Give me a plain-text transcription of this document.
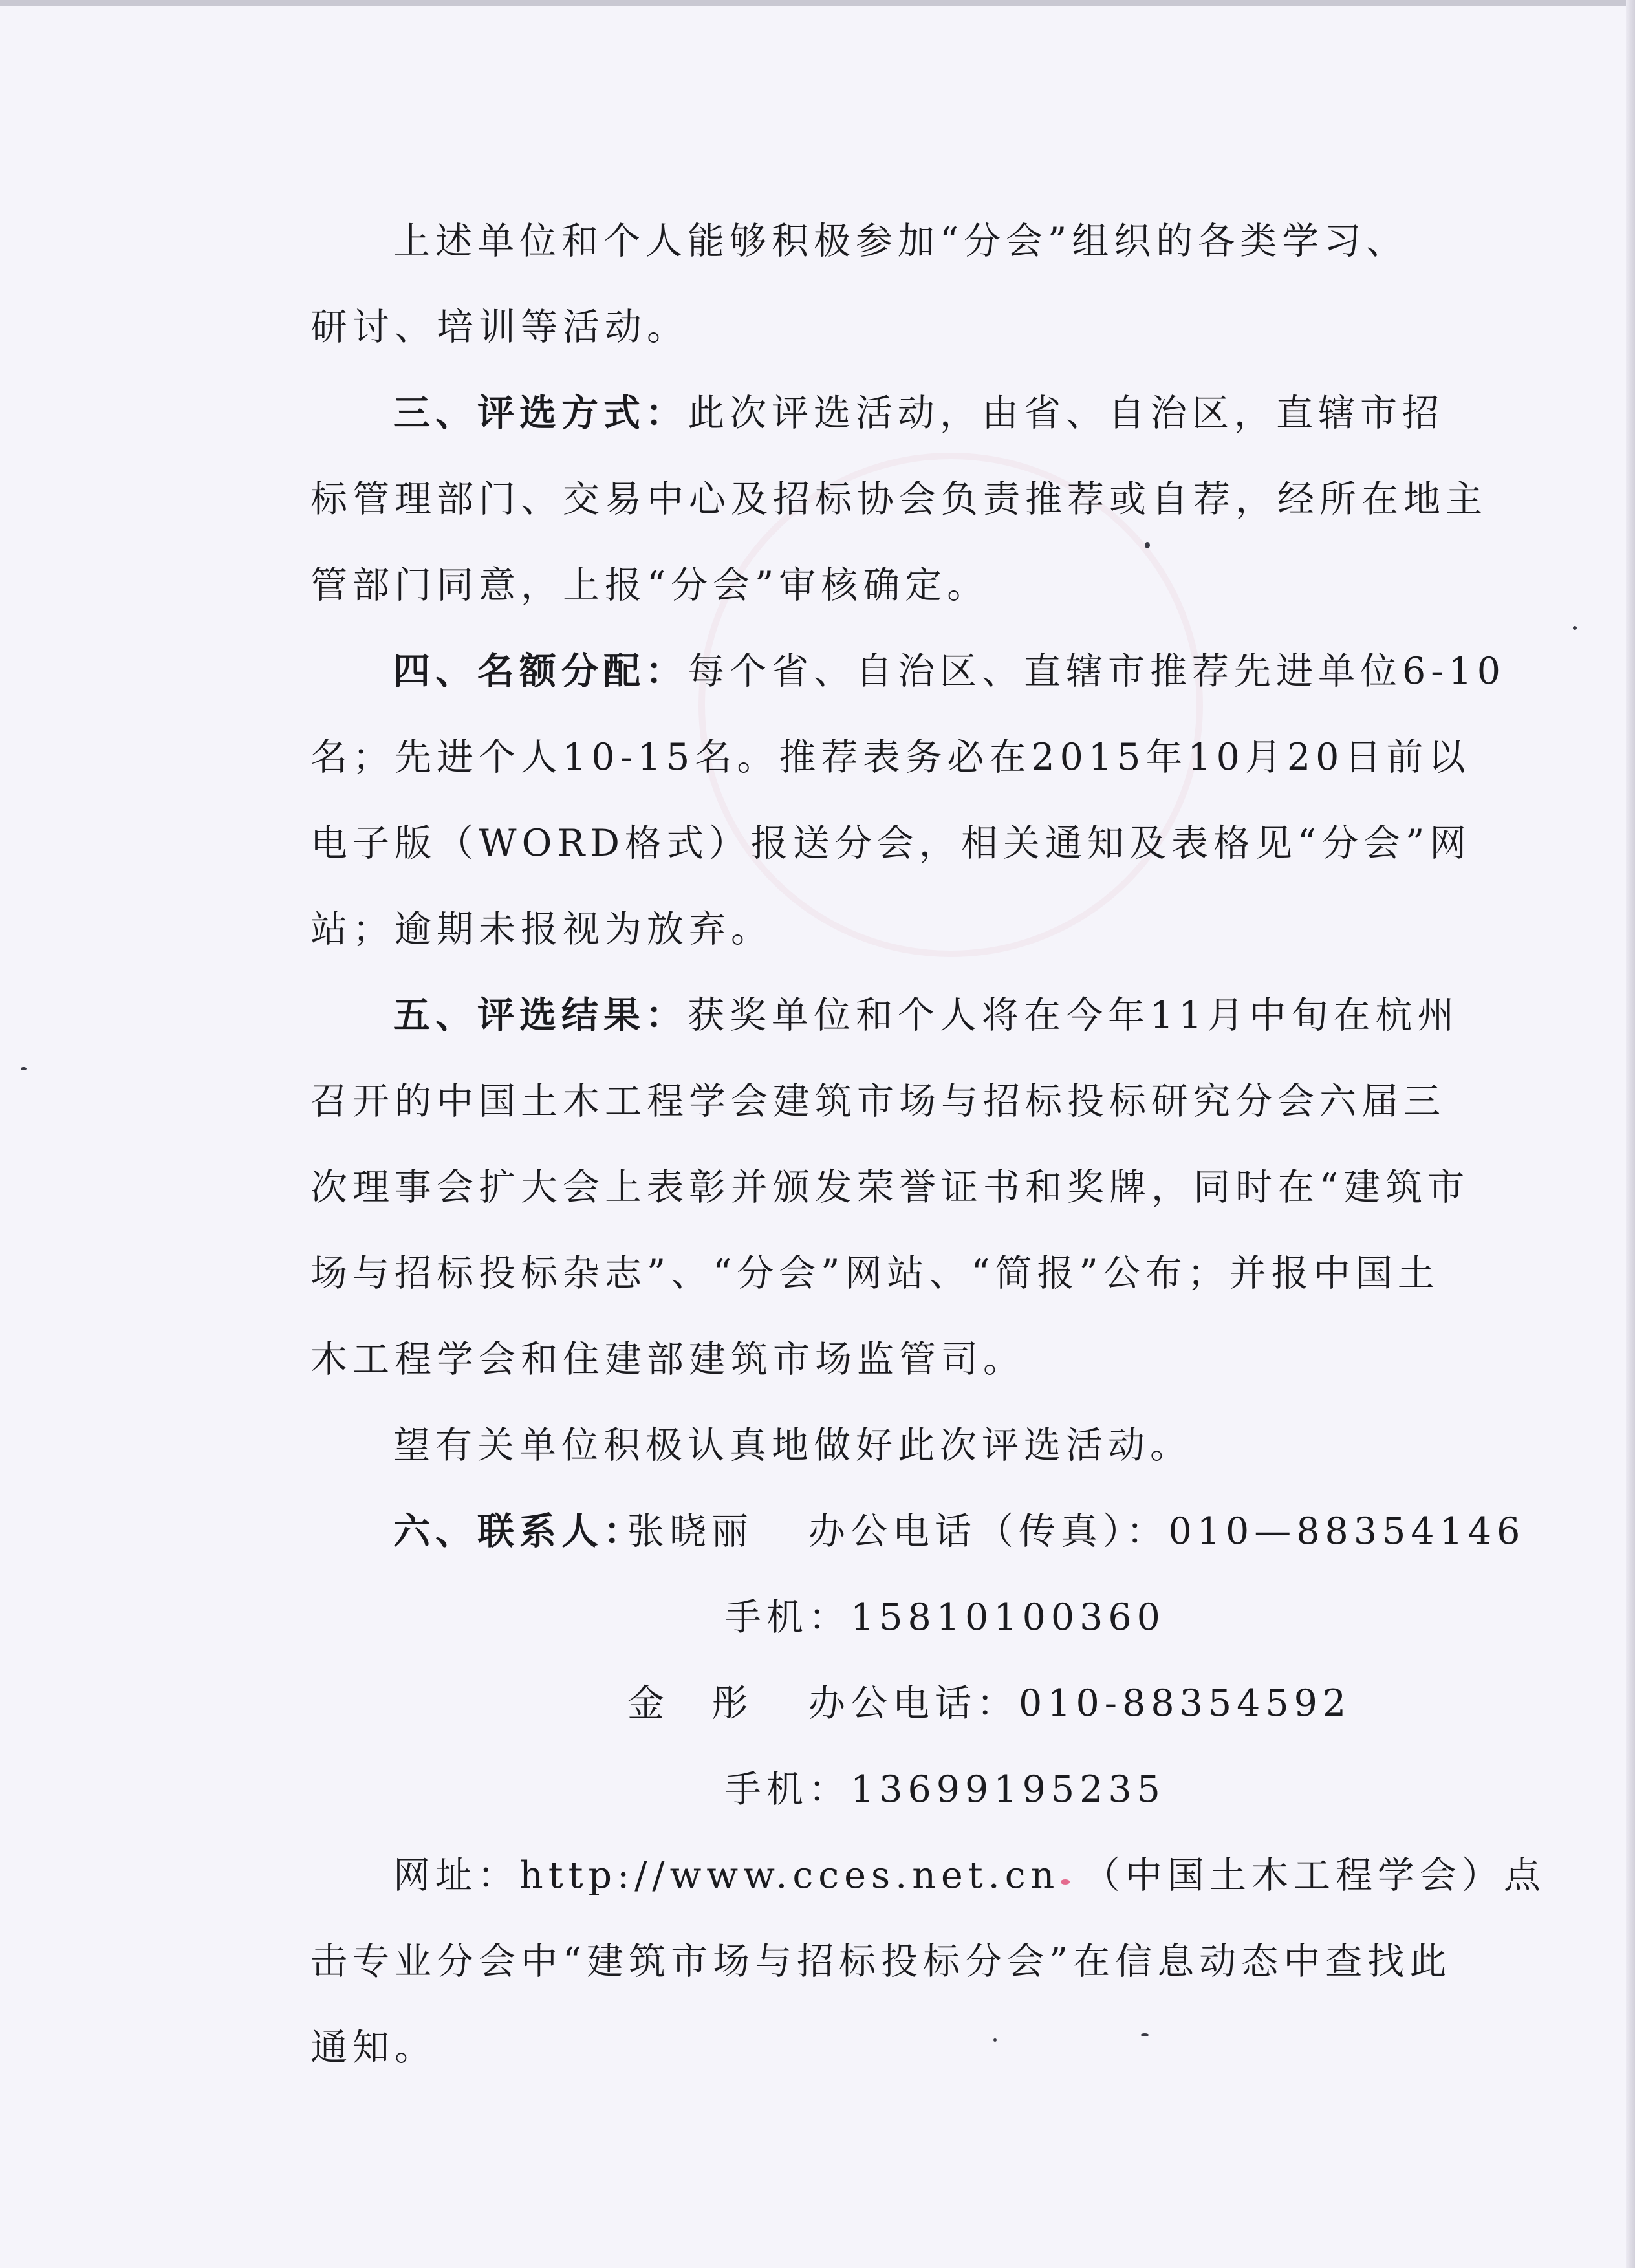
上述单位和个人能够积极参加“分会”组织的各类学习、
研讨、培训等活动。
三、评选方式：此次评选活动，由省、自治区，直辖市招
标管理部门、交易中心及招标协会负责推荐或自荐，经所在地主
管部门同意，上报“分会”审核确定。
四、名额分配：每个省、自治区、直辖市推荐先进单位6-10
名；先进个人10-15名。推荐表务必在2015年10月20日前以
电子版（WORD格式）报送分会，相关通知及表格见“分会”网
站；逾期未报视为放弃。
五、评选结果：获奖单位和个人将在今年11月中旬在杭州
召开的中国土木工程学会建筑市场与招标投标研究分会六届三
次理事会扩大会上表彰并颁发荣誉证书和奖牌，同时在“建筑市
场与招标投标杂志”、“分会”网站、“简报”公布；并报中国土
木工程学会和住建部建筑市场监管司。
望有关单位积极认真地做好此次评选活动。
六、联系人：
张晓丽 办公电话（传真）：010—88354146
手机：15810100360
金　彤 办公电话：010-88354592
手机：13699195235
网址：http://www.cces.net.cn　（中国土木工程学会）点
击专业分会中“建筑市场与招标投标分会”在信息动态中查找此
通知。
